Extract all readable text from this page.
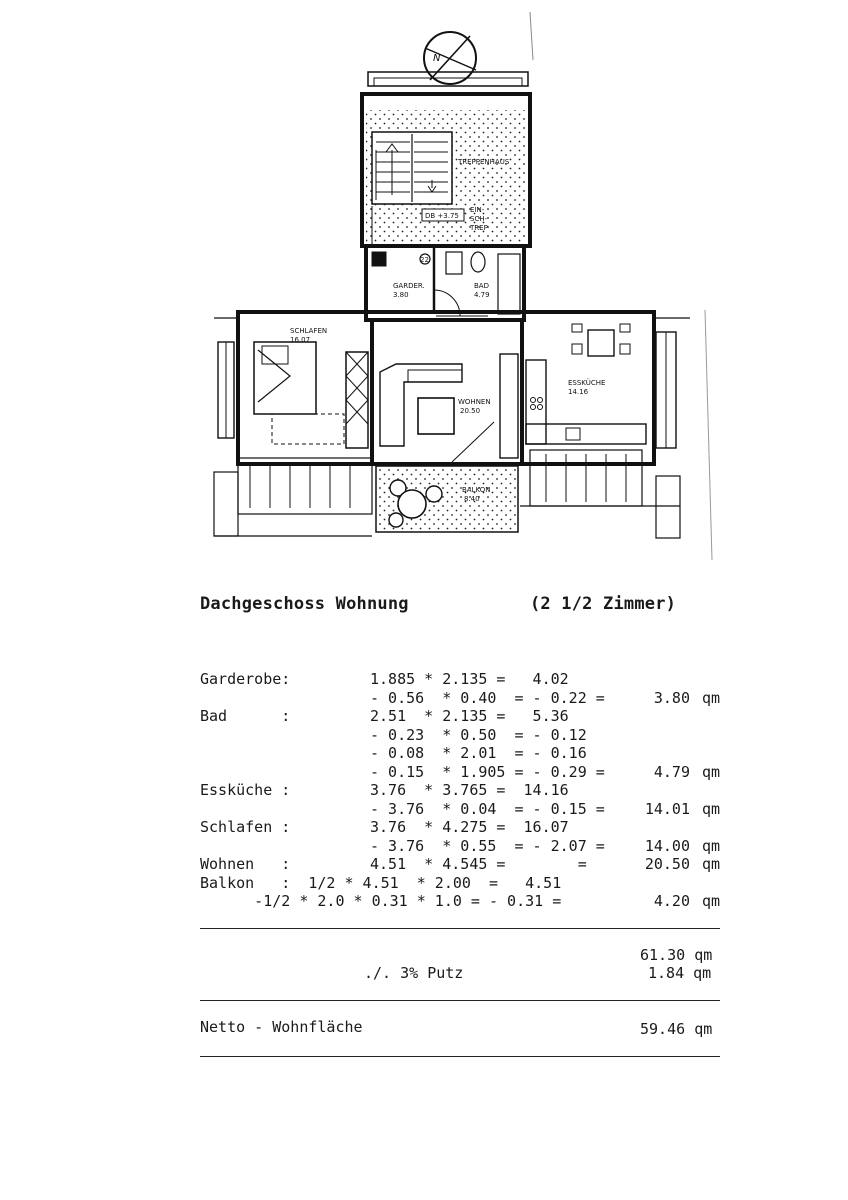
N
TREPPENHAUS
DB +3.75
EIN-
SCH-
TREP
22
GARDER.
3.80
BAD
4.79
SCHLAFEN
16.07
WOHNEN
20.50
ESSKÜCHE
14.16
BALKON
8.40
Dachgeschoss Wohnung	(2 1/2 Zimmer)
Garderobe:	1.885 * 2.135 =   4.02
- 0.56  * 0.40  = - 0.22 =	3.80 qm
Bad      :	2.51  * 2.135 =   5.36
- 0.23  * 0.50  = - 0.12
- 0.08  * 2.01  = - 0.16
- 0.15  * 1.905 = - 0.29 =	4.79 qm
Essküche :	3.76  * 3.765 =  14.16
- 3.76  * 0.04  = - 0.15 =	14.01 qm
Schlafen :	3.76  * 4.275 =  16.07
- 3.76  * 0.55  = - 2.07 =	14.00 qm
Wohnen   :	4.51  * 4.545 =        =	20.50 qm
Balkon   :  1/2 * 4.51  * 2.00  =   4.51
-1/2 * 2.0 * 0.31 * 1.0 = - 0.31 =	4.20 qm
61.30 qm
./. 3% Putz	1.84 qm
Netto - Wohnfläche	59.46 qm
